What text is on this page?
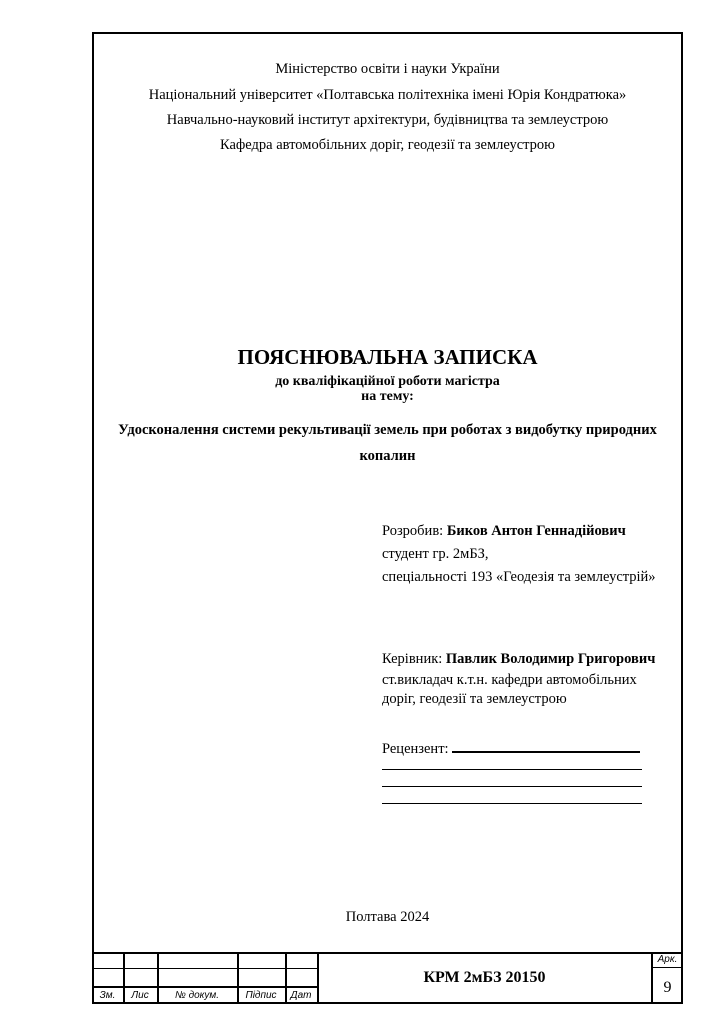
Міністерство освіти і науки України
Національний університет «Полтавська політехніка імені Юрія Кондратюка»
Навчально-науковий інститут архітектури, будівництва та землеустрою
Кафедра автомобільних доріг, геодезії та землеустрою
ПОЯСНЮВАЛЬНА ЗАПИСКА
до кваліфікаційної роботи магістра
на тему:
Удосконалення системи рекультивації земель при роботах з видобутку природних
копалин
Розробив: Биков Антон Геннадійович
студент гр. 2мБЗ,
спеціальності 193 «Геодезія та землеустрій»
Керівник: Павлик Володимир Григорович
ст.викладач к.т.н. кафедри автомобільних
доріг, геодезії та землеустрою
Рецензент:
Полтава 2024
Зм.	Лис	№ докум.	Підпис	Дат
КРМ 2мБЗ 20150
Арк.
9
